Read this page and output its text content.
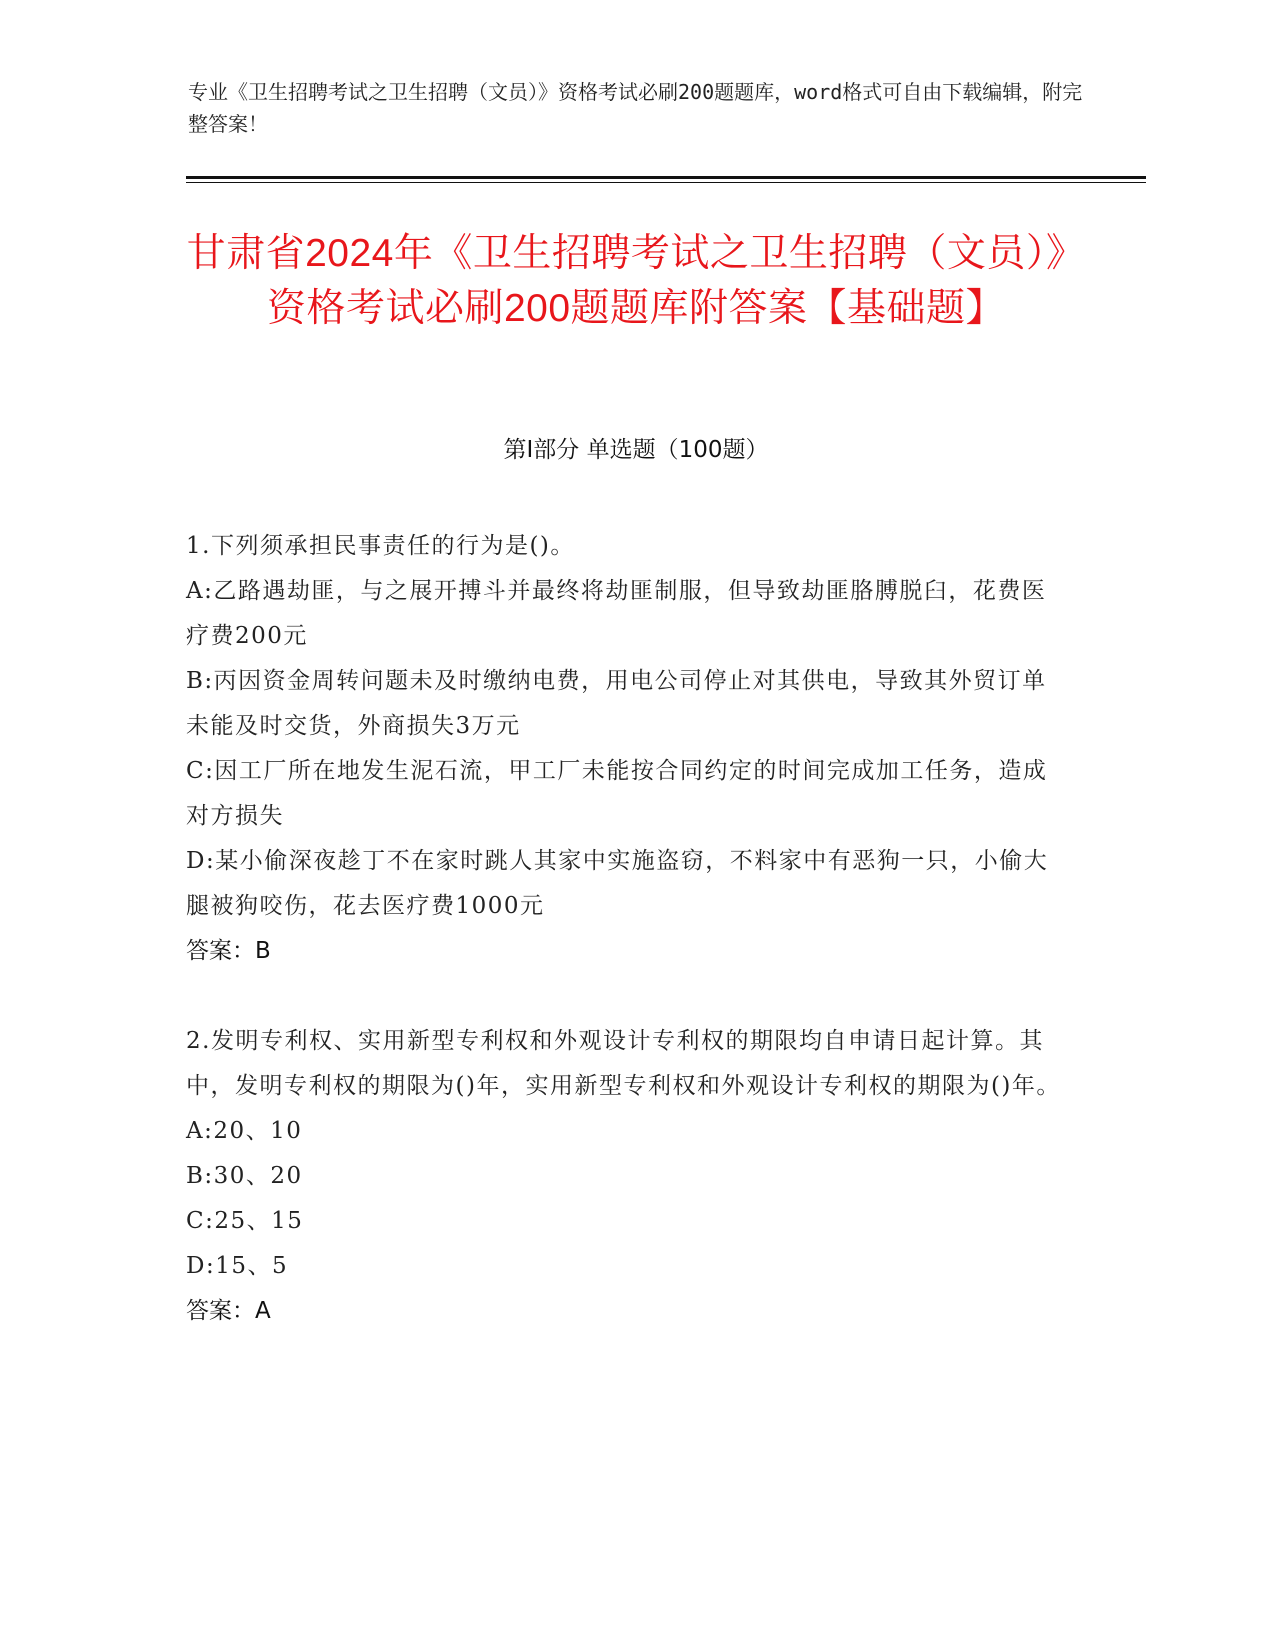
专业《卫生招聘考试之卫生招聘（文员）》资格考试必刷200题题库，word格式可自由下载编辑，附完整答案！
甘肃省2024年《卫生招聘考试之卫生招聘（文员）》资格考试必刷200题题库附答案【基础题】
第I部分 单选题（100题）
1.下列须承担民事责任的行为是()。
A:乙路遇劫匪，与之展开搏斗并最终将劫匪制服，但导致劫匪胳膊脱臼，花费医疗费200元
B:丙因资金周转问题未及时缴纳电费，用电公司停止对其供电，导致其外贸订单未能及时交货，外商损失3万元
C:因工厂所在地发生泥石流，甲工厂未能按合同约定的时间完成加工任务，造成对方损失
D:某小偷深夜趁丁不在家时跳人其家中实施盗窃，不料家中有恶狗一只，小偷大腿被狗咬伤，花去医疗费1000元
答案：B
2.发明专利权、实用新型专利权和外观设计专利权的期限均自申请日起计算。其中，发明专利权的期限为()年，实用新型专利权和外观设计专利权的期限为()年。
A:20、10
B:30、20
C:25、15
D:15、5
答案：A
